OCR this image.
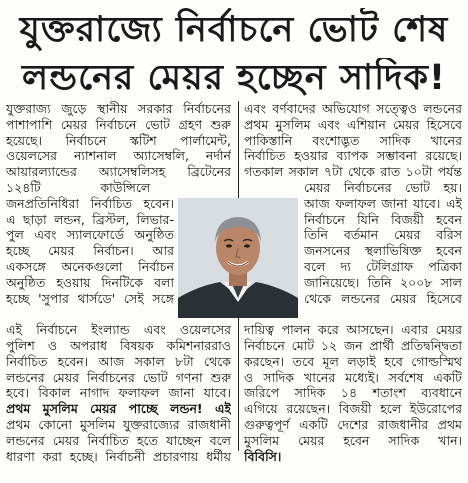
যুক্তরাজ্যে নির্বাচনে ভোট শেষ
লন্ডনের মেয়র হচ্ছেন সাদিক!
যুক্তরাজ্য জুড়ে স্থানীয় সরকার নির্বাচনের
পাশাপাশি মেয়র নির্বাচনে ভোট গ্রহণ শুরু
হয়েছে। নির্বাচনে স্কটিশ পার্লামেন্ট,
ওয়েলসের ন্যাশনাল অ্যাসেম্বলি, নর্দার্ন
আয়ারল্যান্ডের অ্যাসেম্বলিসহ ব্রিটেনের
১২৪টি               কাউন্সিলে
জনপ্রতিনিধিরা নির্বাচিত হবেন।
এ ছাড়া লন্ডন, ব্রিস্টল, লিভার-
পুল এবং স্যালফোর্ডে অনুষ্ঠিত
হচ্ছে মেয়র নির্বাচন। আর
একসঙ্গে অনেকগুলো নির্বাচন
অনুষ্ঠিত হওয়ায় দিনটিকে বলা
হচ্ছে 'সুপার থার্সডে' সেই সঙ্গে
এই নির্বাচনে ইংল্যান্ড এবং ওয়েলসের
পুলিশ ও অপরাধ বিষয়ক কমিশনাররাও
নির্বাচিত হবেন। আজ সকাল ৮টা থেকে
লন্ডনের মেয়র নির্বাচনের ভোট গণনা শুরু
হবে। বিকাল নাগাদ ফলাফল জানা যাবে।
প্রথম মুসলিম মেয়র পাচ্ছে লন্ডন! এই
প্রথম কোনো মুসলিম যুক্তরাজ্যের রাজধানী
লন্ডনের মেয়র নির্বাচিত হতে যাচ্ছেন বলে
ধারণা করা হচ্ছে। নির্বাচনী প্রচারণায় ধর্মীয়
এবং বর্ণবাদের অভিযোগ সত্ত্বেও লন্ডনের
প্রথম মুসলিম এবং এশিয়ান মেয়র হিসেবে
পাকিস্তানি বংশোদ্ভূত সাদিক খানের
নির্বাচিত হওয়ার ব্যাপক সম্ভাবনা রয়েছে।
গতকাল সকাল ৭টা থেকে রাত ১০টা পর্যন্ত
মেয়র নির্বাচনের ভোট হয়।
আজ ফলাফল জানা যাবে। এই
নির্বাচনে যিনি বিজয়ী হবেন
তিনি বর্তমান মেয়র বরিস
জনসনের স্থলাভিষিক্ত হবেন
বলে দ্য টেলিগ্রাফ পত্রিকা
জানিয়েছে। তিনি ২০০৮ সাল
থেকে লন্ডনের মেয়র হিসেবে
দায়িত্ব পালন করে আসছেন। এবার মেয়র
নির্বাচনে মোট ১২ জন প্রার্থী প্রতিদ্বন্দ্বিতা
করছেন। তবে মূল লড়াই হবে গোল্ডস্মিথ
ও সাদিক খানের মধ্যেই। সর্বশেষ একটি
জরিপে সাদিক ১৪ শতাংশ ব্যবধানে
এগিয়ে রয়েছেন। বিজয়ী হলে ইউরোপের
গুরুত্বপূর্ণ একটি দেশের রাজধানীর প্রথম
মুসলিম মেয়র হবেন সাদিক খান।
বিবিসি।
